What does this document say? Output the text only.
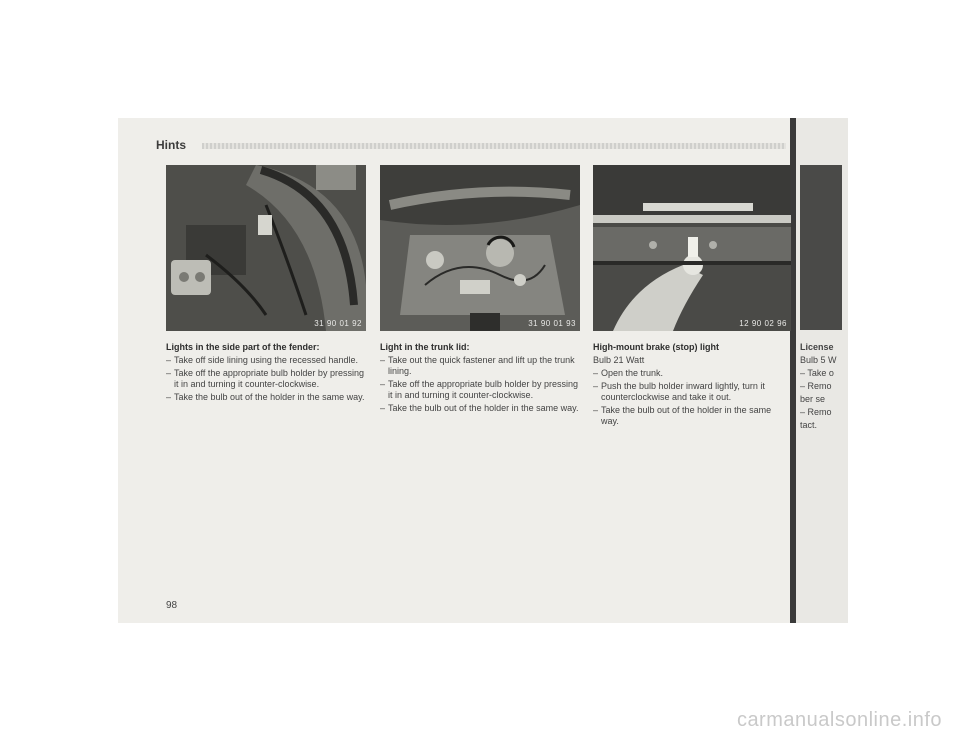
Hints
31 90 01 92	31 90 01 93	12 90 02 96
Lights in the side part of the fender:
– Take off side lining using the recessed handle.
– Take off the appropriate bulb holder by pressing it in and turning it counter-clockwise.
– Take the bulb out of the holder in the same way.
Light in the trunk lid:
– Take out the quick fastener and lift up the trunk lining.
– Take off the appropriate bulb holder by pressing it in and turning it counter-clockwise.
– Take the bulb out of the holder in the same way.
High-mount brake (stop) light

Bulb 21 Watt

– Open the trunk.
– Push the bulb holder inward lightly, turn it counterclockwise and take it out.
– Take the bulb out of the holder in the same way.
License

Bulb 5 W

– Take o

– Remo

ber se

– Remo

tact.

98
carmanualsonline.info
